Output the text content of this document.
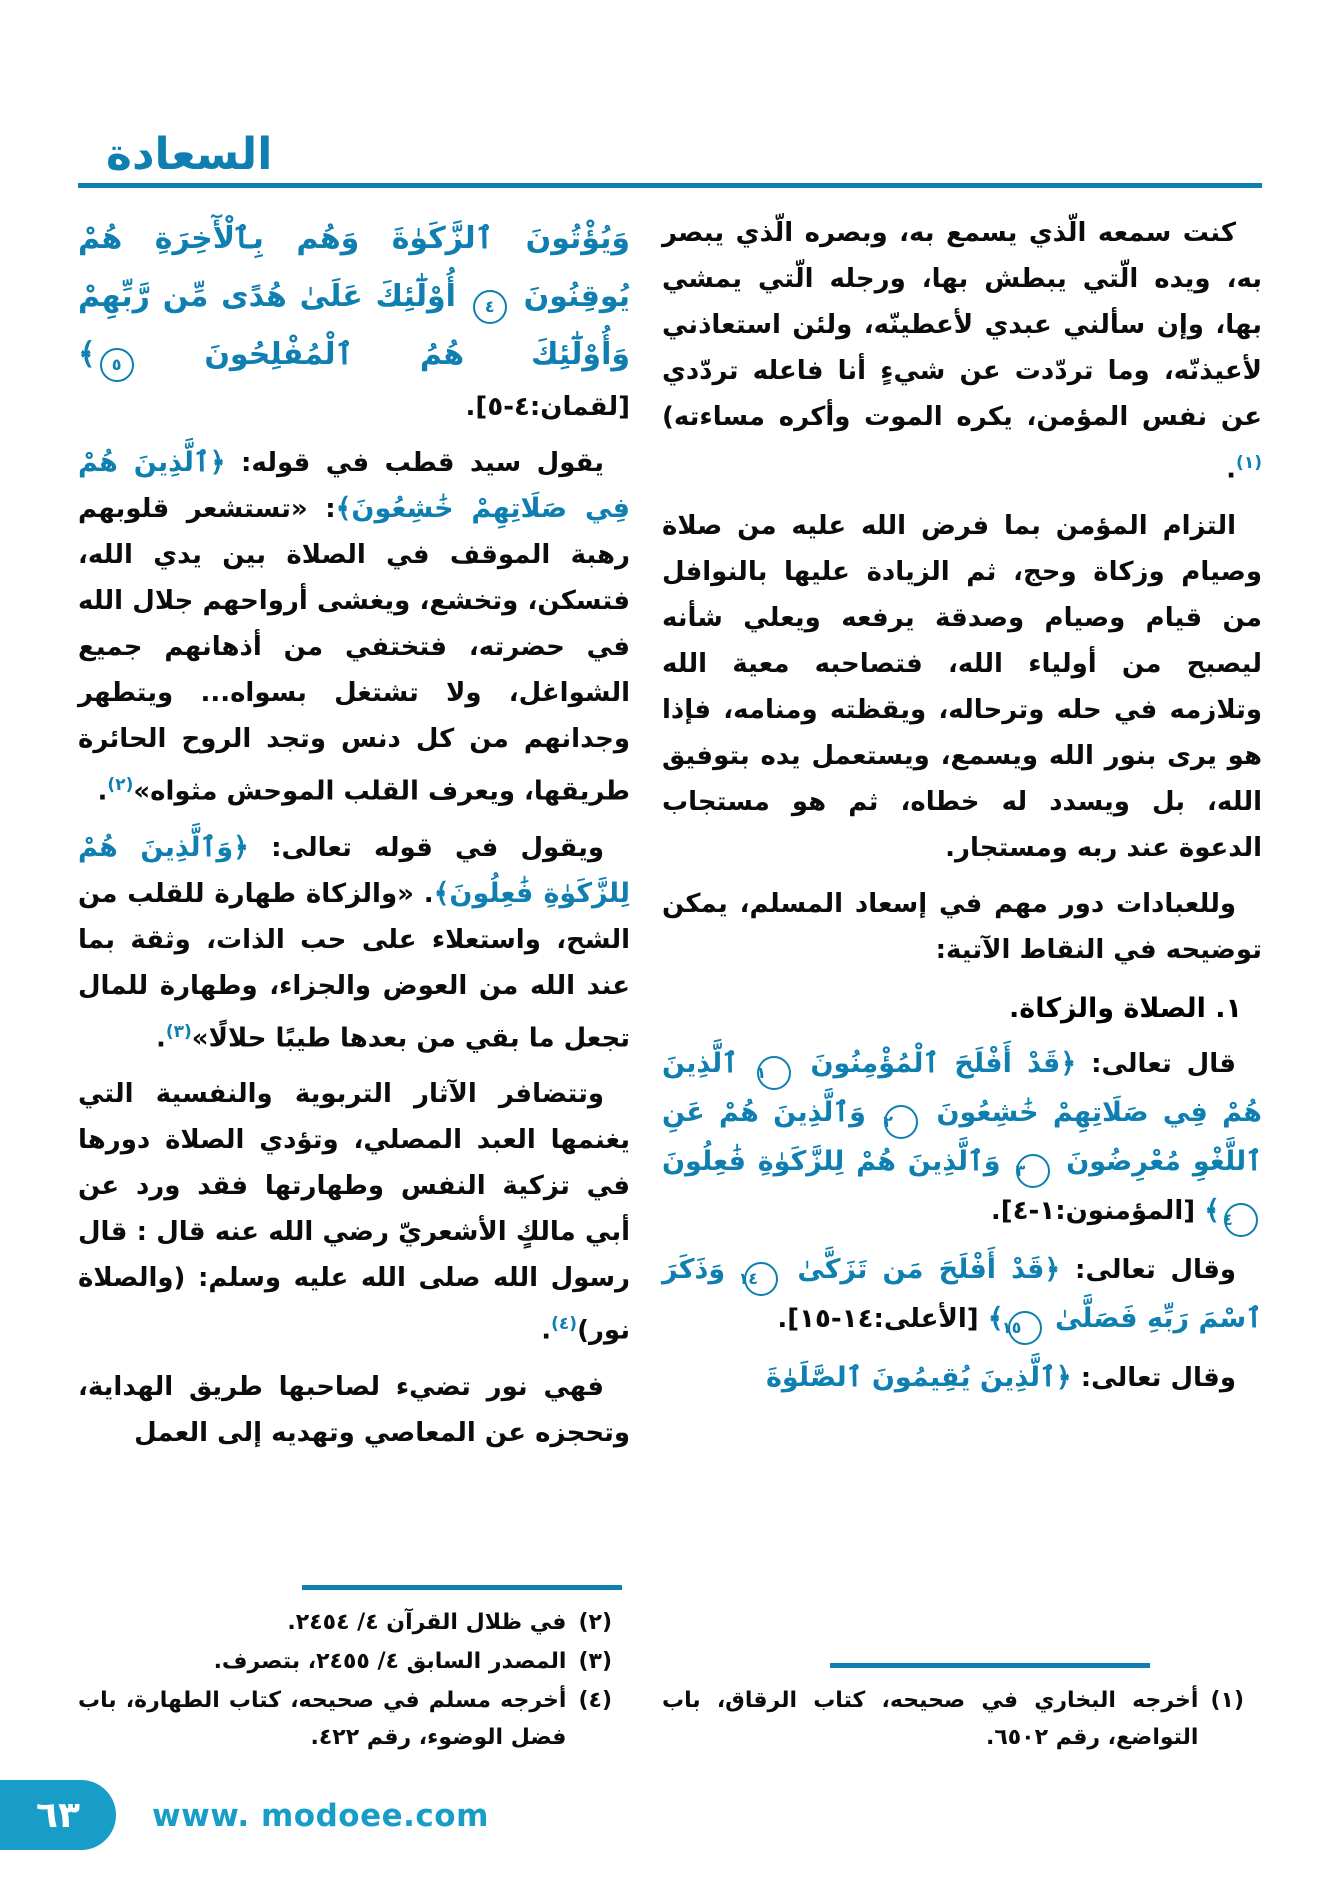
السعادة
كنت سمعه الّذي يسمع به، وبصره الّذي يبصر به، ويده الّتي يبطش بها، ورجله الّتي يمشي بها، وإن سألني عبدي لأعطينّه، ولئن استعاذني لأعيذنّه، وما تردّدت عن شيءٍ أنا فاعله تردّدي عن نفس المؤمن، يكره الموت وأكره مساءته)$^{(١)}$.
التزام المؤمن بما فرض الله عليه من صلاة وصيام وزكاة وحج، ثم الزيادة عليها بالنوافل من قيام وصيام وصدقة يرفعه ويعلي شأنه ليصبح من أولياء الله، فتصاحبه معية الله وتلازمه في حله وترحاله، ويقظته ومنامه، فإذا هو يرى بنور الله ويسمع، ويستعمل يده بتوفيق الله، بل ويسدد له خطاه، ثم هو مستجاب الدعوة عند ربه ومستجار.
وللعبادات دور مهم في إسعاد المسلم، يمكن توضيحه في النقاط الآتية:
١. الصلاة والزكاة.
قال تعالى: ﴿قَدْ أَفْلَحَ ٱلْمُؤْمِنُونَ ١ ٱلَّذِينَ هُمْ فِي صَلَاتِهِمْ خَٰشِعُونَ ٢ وَٱلَّذِينَ هُمْ عَنِ ٱللَّغْوِ مُعْرِضُونَ ٣ وَٱلَّذِينَ هُمْ لِلزَّكَوٰةِ فَٰعِلُونَ ٤﴾ [المؤمنون:١-٤].
وقال تعالى: ﴿قَدْ أَفْلَحَ مَن تَزَكَّىٰ ١٤ وَذَكَرَ ٱسْمَ رَبِّهِ فَصَلَّىٰ ١٥﴾ [الأعلى:١٤-١٥].
وقال تعالى: ﴿ٱلَّذِينَ يُقِيمُونَ ٱلصَّلَوٰةَ
(١)
أخرجه البخاري في صحيحه، كتاب الرقاق، باب التواضع، رقم ٦٥٠٢.
وَيُؤْتُونَ ٱلزَّكَوٰةَ وَهُم بِٱلْأٓخِرَةِ هُمْ يُوقِنُونَ ٤ أُوْلَٰٓئِكَ عَلَىٰ هُدًى مِّن رَّبِّهِمْ وَأُوْلَٰٓئِكَ هُمُ ٱلْمُفْلِحُونَ ٥﴾ [لقمان:٤-٥].
يقول سيد قطب في قوله: ﴿ٱلَّذِينَ هُمْ فِي صَلَاتِهِمْ خَٰشِعُونَ﴾: «تستشعر قلوبهم رهبة الموقف في الصلاة بين يدي الله، فتسكن، وتخشع، ويغشى أرواحهم جلال الله في حضرته، فتختفي من أذهانهم جميع الشواغل، ولا تشتغل بسواه... ويتطهر وجدانهم من كل دنس وتجد الروح الحائرة طريقها، ويعرف القلب الموحش مثواه»$^{(٢)}$.
ويقول في قوله تعالى: ﴿وَٱلَّذِينَ هُمْ لِلزَّكَوٰةِ فَٰعِلُونَ﴾. «والزكاة طهارة للقلب من الشح، واستعلاء على حب الذات، وثقة بما عند الله من العوض والجزاء، وطهارة للمال تجعل ما بقي من بعدها طيبًا حلالًا»$^{(٣)}$.
وتتضافر الآثار التربوية والنفسية التي يغنمها العبد المصلي، وتؤدي الصلاة دورها في تزكية النفس وطهارتها فقد ورد عن أبي مالكٍ الأشعريّ رضي الله عنه قال : قال رسول الله صلى الله عليه وسلم: (والصلاة نور)$^{(٤)}$.
فهي نور تضيء لصاحبها طريق الهداية، وتحجزه عن المعاصي وتهديه إلى العمل
(٢)
في ظلال القرآن ٤/ ٢٤٥٤.
(٣)
المصدر السابق ٤/ ٢٤٥٥، بتصرف.
(٤)
أخرجه مسلم في صحيحه، كتاب الطهارة، باب فضل الوضوء، رقم ٤٢٢.
٦٣ www. modoee.com
